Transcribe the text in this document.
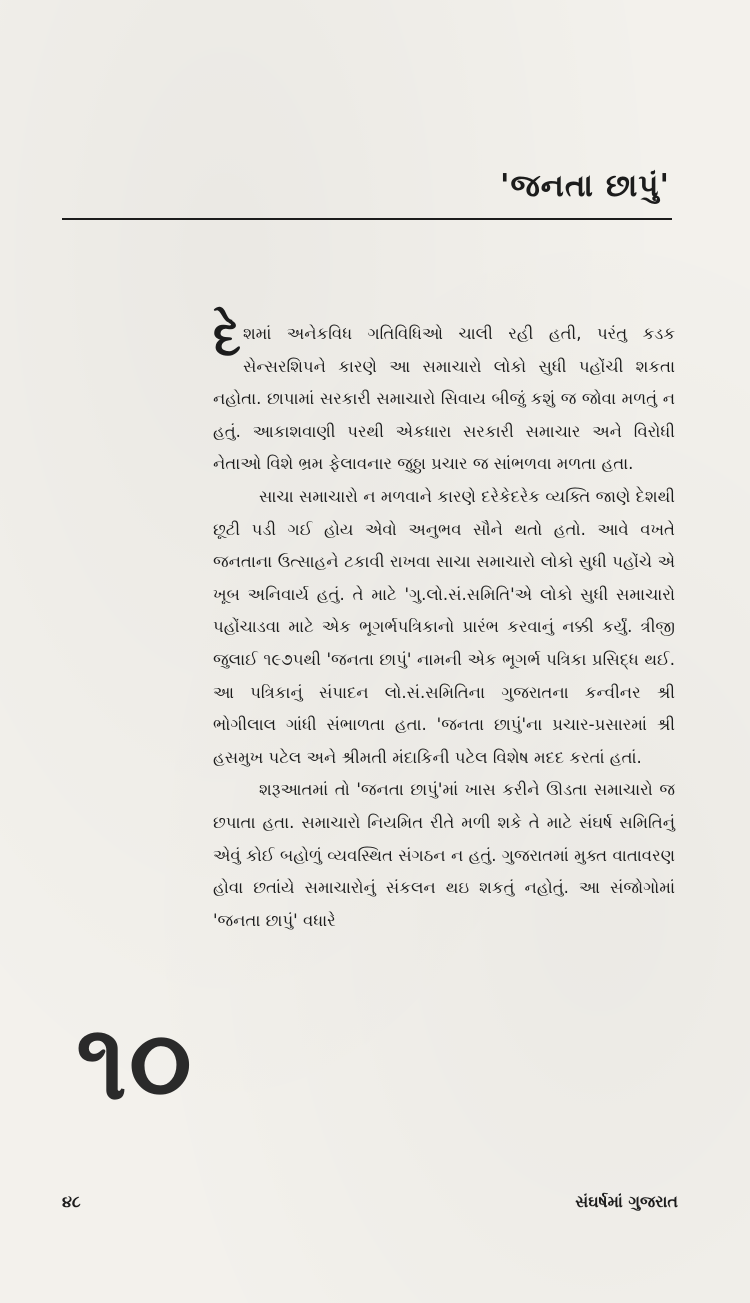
'જનતા છાપું'

દેશમાં અનેકવિધ ગતિવિધિઓ ચાલી રહી હતી, પરંતુ કડક સેન્સરશિપને કારણે આ સમાચારો લોકો સુધી પહોંચી શકતા નહોતા. છાપામાં સરકારી સમાચારો સિવાય બીજું કશું જ જોવા મળતું ન હતું. આકાશવાણી પરથી એકધારા સરકારી સમાચાર અને વિરોધી નેતાઓ વિશે ભ્રમ ફેલાવનાર જુઠ્ઠા પ્રચાર જ સાંભળવા મળતા હતા.

સાચા સમાચારો ન મળવાને કારણે દરેકેદરેક વ્યક્તિ જાણે દેશથી છૂટી પડી ગઈ હોય એવો અનુભવ સૌને થતો હતો. આવે વખતે જનતાના ઉત્સાહને ટકાવી રાખવા સાચા સમાચારો લોકો સુધી પહોંચે એ ખૂબ અનિવાર્ય હતું. તે માટે 'ગુ.લો.સં.સમિતિ'એ લોકો સુધી સમાચારો પહોંચાડવા માટે એક ભૂગર્ભપત્રિકાનો પ્રારંભ કરવાનું નક્કી કર્યું. ત્રીજી જુલાઈ ૧૯૭૫થી 'જનતા છાપું' નામની એક ભૂગર્ભ પત્રિકા પ્રસિદ્ધ થઈ. આ પત્રિકાનું સંપાદન લો.સં.સમિતિના ગુજરાતના કન્વીનર શ્રી ભોગીલાલ ગાંધી સંભાળતા હતા. 'જનતા છાપું'ના પ્રચાર-પ્રસારમાં શ્રી હસમુખ પટેલ અને શ્રીમતી મંદાકિની પટેલ વિશેષ મદદ કરતાં હતાં.

શરૂઆતમાં તો 'જનતા છાપું'માં ખાસ કરીને ઊડતા સમાચારો જ છપાતા હતા. સમાચારો નિયમિત રીતે મળી શકે તે માટે સંઘર્ષ સમિતિનું એવું કોઈ બહોળું વ્યવસ્થિત સંગઠન ન હતું. ગુજરાતમાં મુક્ત વાતાવરણ હોવા છતાંયે સમાચારોનું સંકલન થઇ શકતું નહોતું. આ સંજોગોમાં 'જનતા છાપું' વધારે

૧૦
૪૮	સંઘર્ષમાં ગુજરાત
